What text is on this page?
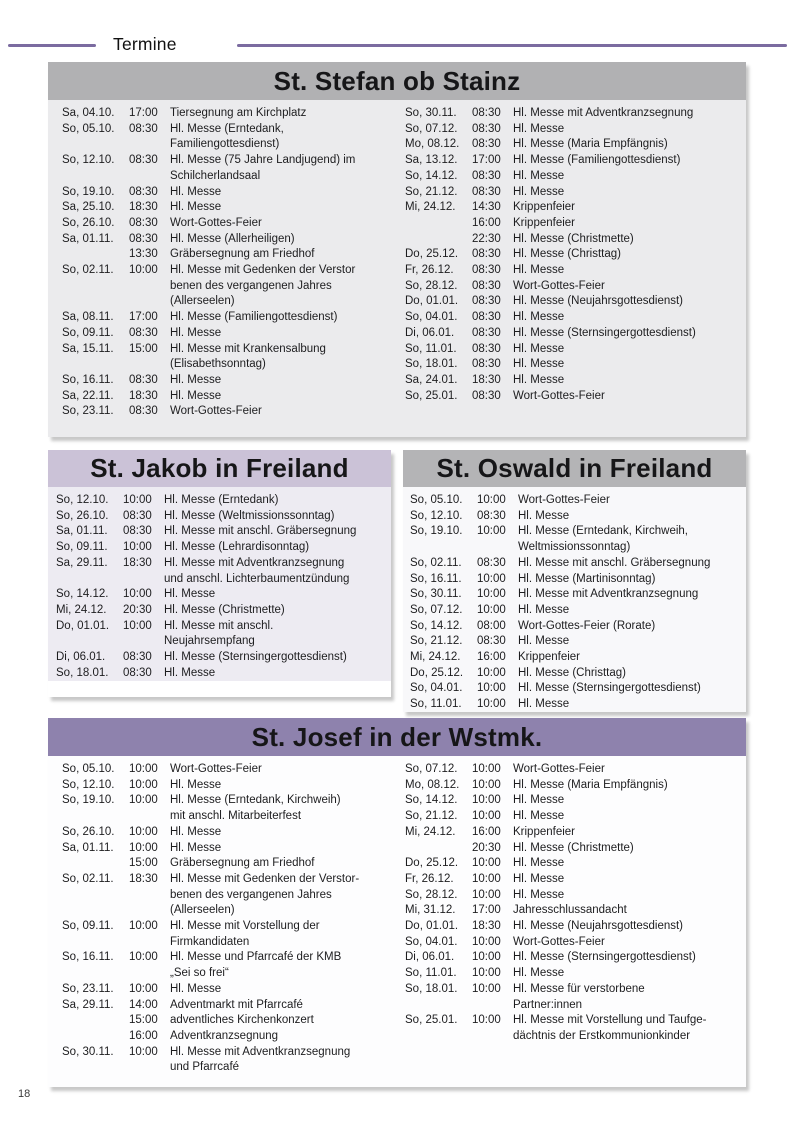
Termine
St. Stefan ob Stainz
Sa, 04.10.	17:00	Tiersegnung am Kirchplatz
So, 05.10.	08:30	Hl. Messe (Erntedank,
Familiengottesdienst)
So, 12.10.	08:30	Hl. Messe (75 Jahre Landjugend) im
Schilcherlandsaal
So, 19.10.	08:30	Hl. Messe
Sa, 25.10.	18:30	Hl. Messe
So, 26.10.	08:30	Wort-Gottes-Feier
Sa, 01.11.	08:30	Hl. Messe (Allerheiligen)
13:30	Gräbersegnung am Friedhof
So, 02.11.	10:00	Hl. Messe mit Gedenken der Verstor
benen des vergangenen Jahres
(Allerseelen)
Sa, 08.11.	17:00	Hl. Messe (Familiengottesdienst)
So, 09.11.	08:30	Hl. Messe
Sa, 15.11.	15:00	Hl. Messe mit Krankensalbung
(Elisabethsonntag)
So, 16.11.	08:30	Hl. Messe
Sa, 22.11.	18:30	Hl. Messe
So, 23.11.	08:30	Wort-Gottes-Feier
So, 30.11.	08:30	Hl. Messe mit Adventkranzsegnung
So, 07.12.	08:30	Hl. Messe
Mo, 08.12.	08:30	Hl. Messe (Maria Empfängnis)
Sa, 13.12.	17:00	Hl. Messe (Familiengottesdienst)
So, 14.12.	08:30	Hl. Messe
So, 21.12.	08:30	Hl. Messe
Mi, 24.12.	14:30	Krippenfeier
16:00	Krippenfeier
22:30	Hl. Messe (Christmette)
Do, 25.12.	08:30	Hl. Messe (Christtag)
Fr, 26.12.	08:30	Hl. Messe
So, 28.12.	08:30	Wort-Gottes-Feier
Do, 01.01.	08:30	Hl. Messe (Neujahrsgottesdienst)
So, 04.01.	08:30	Hl. Messe
Di, 06.01.	08:30	Hl. Messe (Sternsingergottesdienst)
So, 11.01.	08:30	Hl. Messe
So, 18.01.	08:30	Hl. Messe
Sa, 24.01.	18:30	Hl. Messe
So, 25.01.	08:30	Wort-Gottes-Feier
St. Jakob in Freiland
So, 12.10.	10:00	Hl. Messe (Erntedank)
So, 26.10.	08:30	Hl. Messe (Weltmissionssonntag)
Sa, 01.11.	08:30	Hl. Messe mit anschl. Gräbersegnung
So, 09.11.	10:00	Hl. Messe (Lehrardisonntag)
Sa, 29.11.	18:30	Hl. Messe mit Adventkranzsegnung
und anschl. Lichterbaumentzündung
So, 14.12.	10:00	Hl. Messe
Mi, 24.12.	20:30	Hl. Messe (Christmette)
Do, 01.01.	10:00	Hl. Messe mit anschl.
Neujahrsempfang
Di, 06.01.	08:30	Hl. Messe (Sternsingergottesdienst)
So, 18.01.	08:30	Hl. Messe
St. Oswald in Freiland
So, 05.10.	10:00	Wort-Gottes-Feier
So, 12.10.	08:30	Hl. Messe
So, 19.10.	10:00	Hl. Messe (Erntedank, Kirchweih,
Weltmissionssonntag)
So, 02.11.	08:30	Hl. Messe mit anschl. Gräbersegnung
So, 16.11.	10:00	Hl. Messe (Martinisonntag)
So, 30.11.	10:00	Hl. Messe mit Adventkranzsegnung
So, 07.12.	10:00	Hl. Messe
So, 14.12.	08:00	Wort-Gottes-Feier (Rorate)
So, 21.12.	08:30	Hl. Messe
Mi, 24.12.	16:00	Krippenfeier
Do, 25.12.	10:00	Hl. Messe (Christtag)
So, 04.01.	10:00	Hl. Messe (Sternsingergottesdienst)
So, 11.01.	10:00	Hl. Messe
St. Josef in der Wstmk.
So, 05.10.	10:00	Wort-Gottes-Feier
So, 12.10.	10:00	Hl. Messe
So, 19.10.	10:00	Hl. Messe (Erntedank, Kirchweih)
mit anschl. Mitarbeiterfest
So, 26.10.	10:00	Hl. Messe
Sa, 01.11.	10:00	Hl. Messe
15:00	Gräbersegnung am Friedhof
So, 02.11.	18:30	Hl. Messe mit Gedenken der Verstor-
benen des vergangenen Jahres
(Allerseelen)
So, 09.11.	10:00	Hl. Messe mit Vorstellung der
Firmkandidaten
So, 16.11.	10:00	Hl. Messe und Pfarrcafé der KMB
„Sei so frei“
So, 23.11.	10:00	Hl. Messe
Sa, 29.11.	14:00	Adventmarkt mit Pfarrcafé
15:00	adventliches Kirchenkonzert
16:00	Adventkranzsegnung
So, 30.11.	10:00	Hl. Messe mit Adventkranzsegnung
und Pfarrcafé
So, 07.12.	10:00	Wort-Gottes-Feier
Mo, 08.12.	10:00	Hl. Messe (Maria Empfängnis)
So, 14.12.	10:00	Hl. Messe
So, 21.12.	10:00	Hl. Messe
Mi, 24.12.	16:00	Krippenfeier
20:30	Hl. Messe (Christmette)
Do, 25.12.	10:00	Hl. Messe
Fr, 26.12.	10:00	Hl. Messe
So, 28.12.	10:00	Hl. Messe
Mi, 31.12.	17:00	Jahresschlussandacht
Do, 01.01.	18:30	Hl. Messe (Neujahrsgottesdienst)
So, 04.01.	10:00	Wort-Gottes-Feier
Di, 06.01.	10:00	Hl. Messe (Sternsingergottesdienst)
So, 11.01.	10:00	Hl. Messe
So, 18.01.	10:00	Hl. Messe für verstorbene
Partner:innen
So, 25.01.	10:00	Hl. Messe mit Vorstellung und Taufge-
dächtnis der Erstkommunionkinder
18
